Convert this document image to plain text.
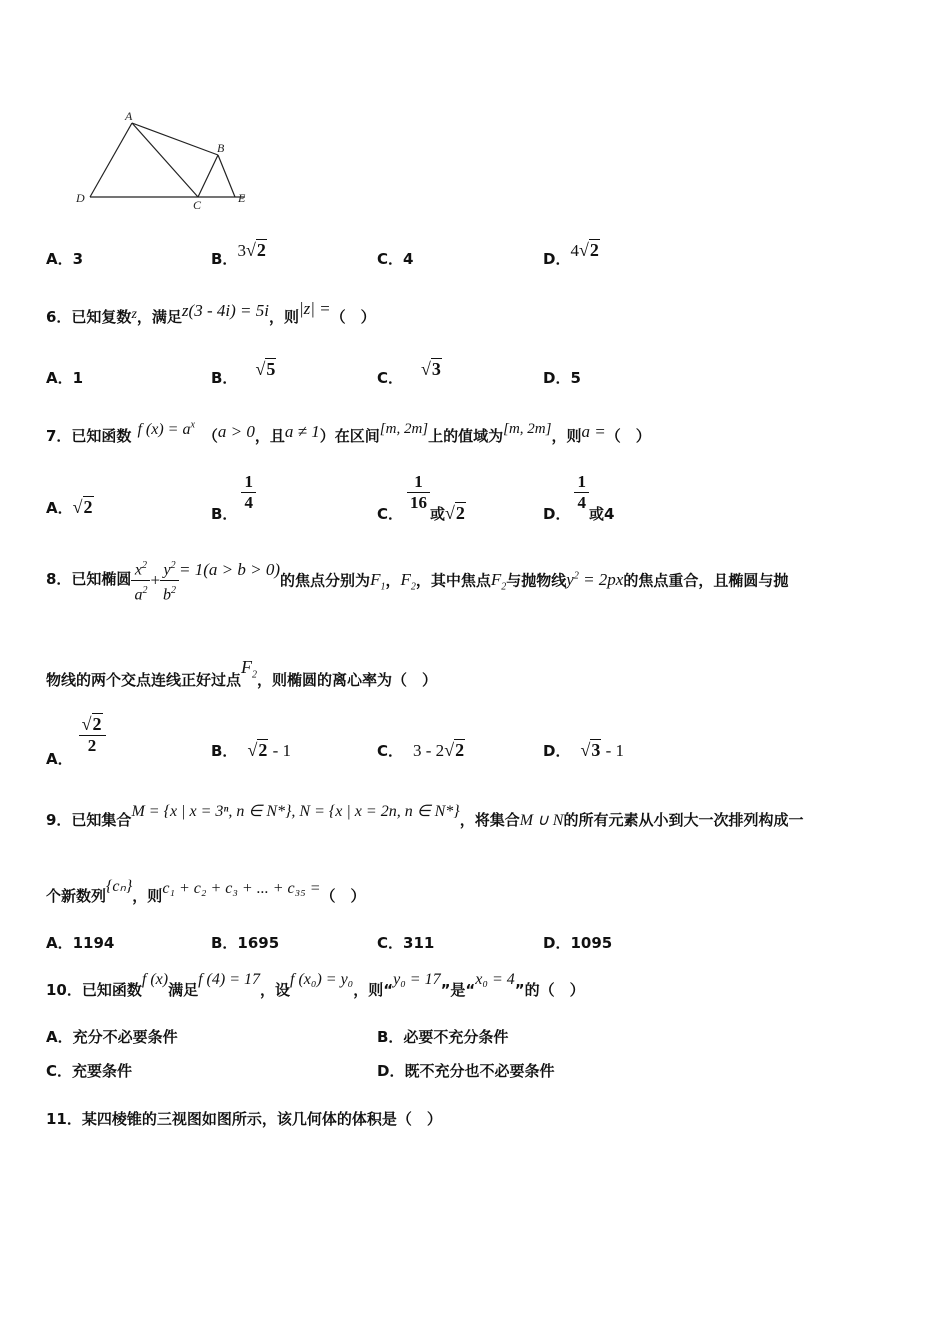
A
B
C
D	E
A．3	B．3√2	C．4	D．4√2
6．已知复数z，满足z(3 - 4i) = 5i，则|z| =（　）
A．1	B． √5	C． √3	D．5
7．已知函数 f $(x) = a^x(a > 0$，且a ≠ 1）在区间[m, 2m]上的值域为[m, 2m]，则a =（　）
A．√2	B．
$\frac{1}{4}$
C．
$\frac{1}{16}$
或√2	D．
$\frac{1}{4}$
或4
8．已知椭圆 $\frac{x^2}{a^2} + \frac{y^2}{b^2} = 1(a > b > 0)$的焦点分别为$F_1$，$F_2$，其中焦点$F_2$与抛物线$y^2 = 2px$的焦点重合，且椭圆与抛
物线的两个交点连线正好过点$F_2$，则椭圆的离心率为（　）
A．
$\frac{√2}{2}$	B． √2 - 1	C． 3 - 2√2	D． √3 - 1
9．已知集合M = {x | x = 3ⁿ, n ∈ N*}, N = {x | x = 2n, n ∈ N*}，将集合M ∪ N的所有元素从小到大一次排列构成一
个新数列{cₙ}，则c₁ + c₂ + c₃ + ... + c₃₅ =（　）
A．1194	B．1695	C．311	D．1095
10．已知函数f (x)满足f (4) = 17，设f (x₀) = y₀，则“y₀ = 17”是“x₀ = 4”的（　）
A．充分不必要条件	B．必要不充分条件
C．充要条件	D．既不充分也不必要条件
11．某四棱锥的三视图如图所示，该几何体的体积是（　）
